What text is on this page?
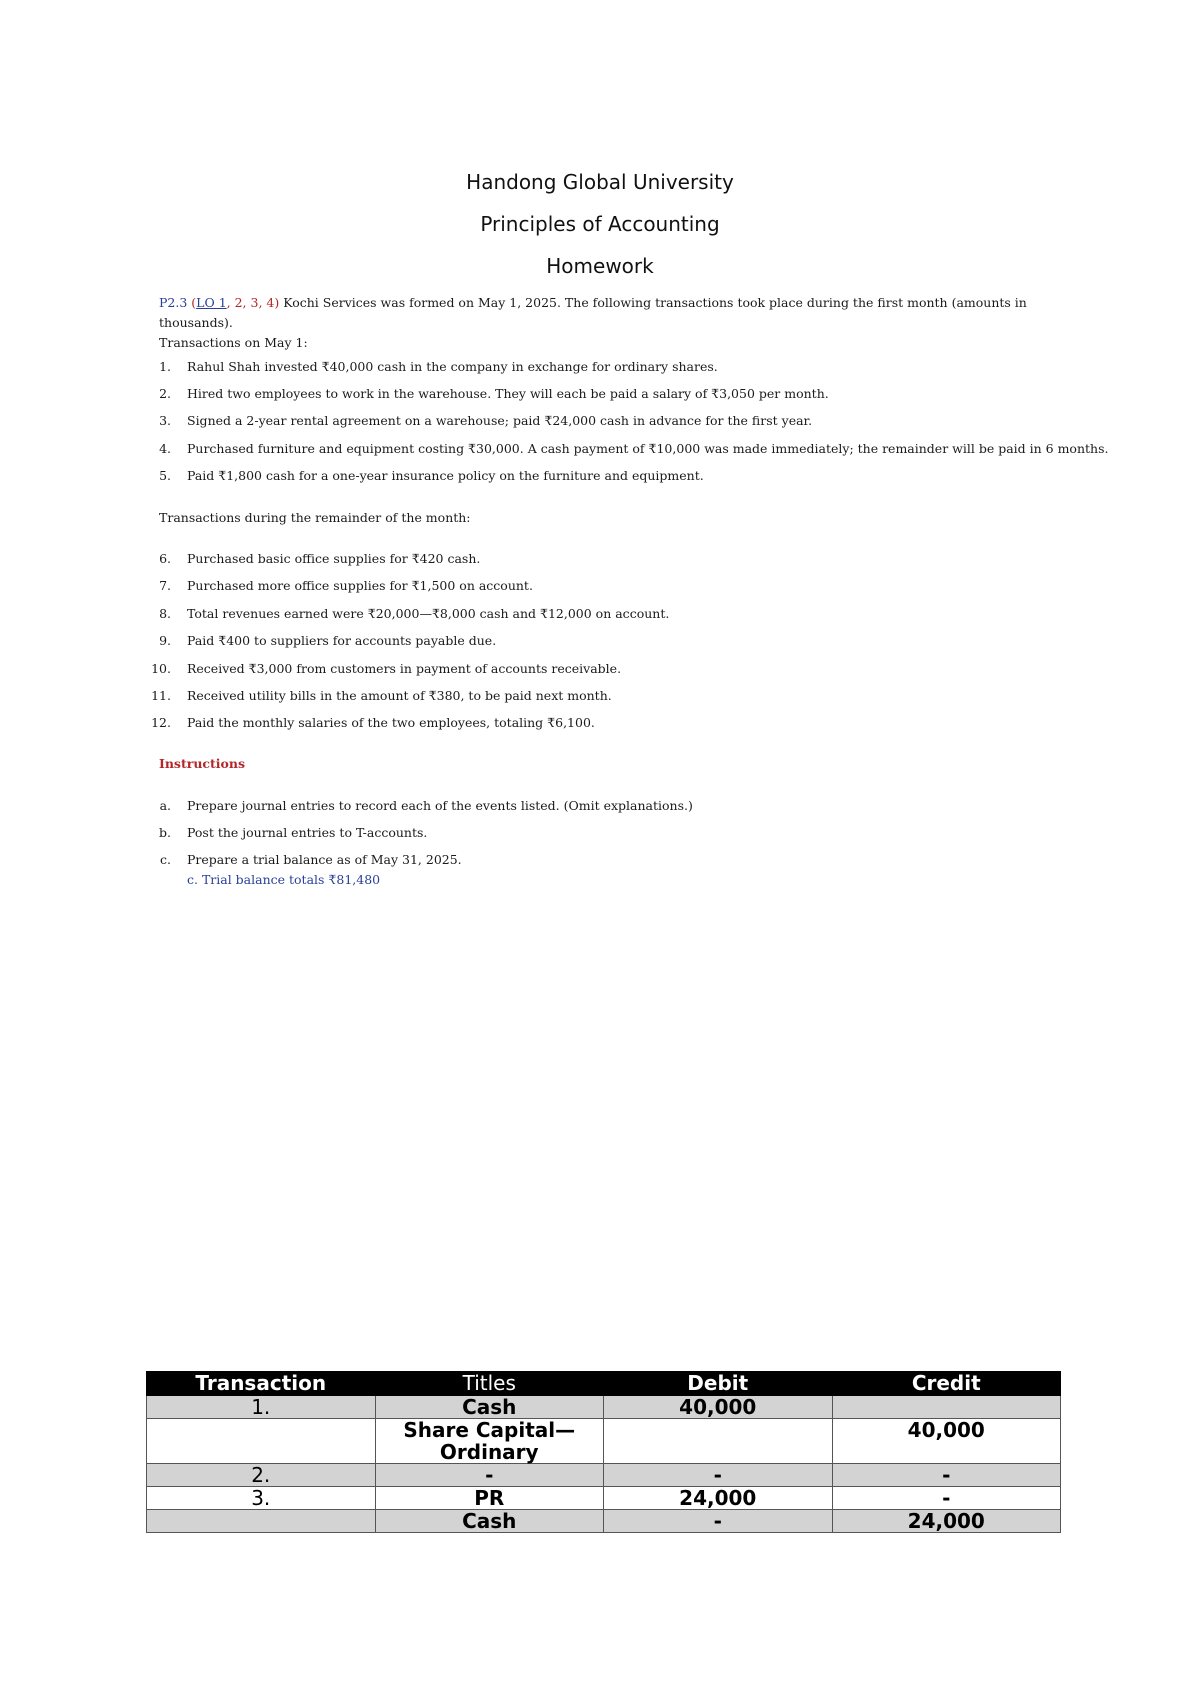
Handong Global University
Principles of Accounting
Homework
P2.3 (LO 1, 2, 3, 4) Kochi Services was formed on May 1, 2025. The following transactions took place during the first month (amounts in thousands).
Transactions on May 1:
1. Rahul Shah invested ₹40,000 cash in the company in exchange for ordinary shares.
2. Hired two employees to work in the warehouse. They will each be paid a salary of ₹3,050 per month.
3. Signed a 2-year rental agreement on a warehouse; paid ₹24,000 cash in advance for the first year.
4. Purchased furniture and equipment costing ₹30,000. A cash payment of ₹10,000 was made immediately; the remainder will be paid in 6 months.
5. Paid ₹1,800 cash for a one-year insurance policy on the furniture and equipment.
Transactions during the remainder of the month:
6. Purchased basic office supplies for ₹420 cash.
7. Purchased more office supplies for ₹1,500 on account.
8. Total revenues earned were ₹20,000—₹8,000 cash and ₹12,000 on account.
9. Paid ₹400 to suppliers for accounts payable due.
10. Received ₹3,000 from customers in payment of accounts receivable.
11. Received utility bills in the amount of ₹380, to be paid next month.
12. Paid the monthly salaries of the two employees, totaling ₹6,100.
Instructions
a. Prepare journal entries to record each of the events listed. (Omit explanations.)
b. Post the journal entries to T-accounts.
c. Prepare a trial balance as of May 31, 2025.
c. Trial balance totals ₹81,480
Transaction	Titles	Debit	Credit
1.	Cash	40,000	
	Share Capital—Ordinary		40,000
2.	-	-	-
3.	PR	24,000	-
	Cash	-	24,000
